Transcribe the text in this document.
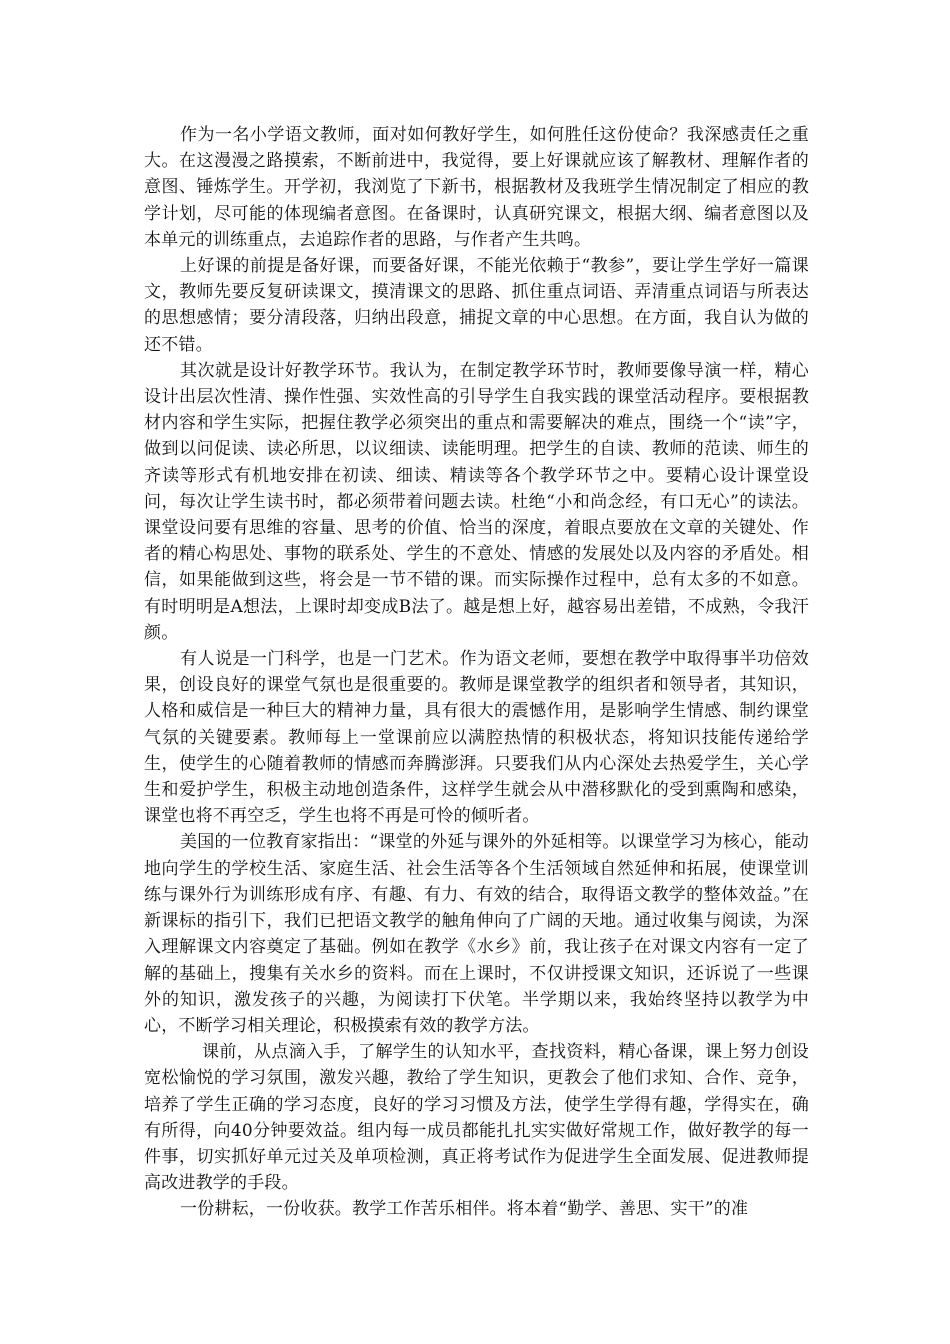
作为一名小学语文教师，面对如何教好学生，如何胜任这份使命？我深感责任之重大。在这漫漫之路摸索，不断前进中，我觉得，要上好课就应该了解教材、理解作者的意图、锤炼学生。开学初，我浏览了下新书，根据教材及我班学生情况制定了相应的教学计划，尽可能的体现编者意图。在备课时，认真研究课文，根据大纲、编者意图以及本单元的训练重点，去追踪作者的思路，与作者产生共鸣。

上好课的前提是备好课，而要备好课，不能光依赖于“教参”，要让学生学好一篇课文，教师先要反复研读课文，摸清课文的思路、抓住重点词语、弄清重点词语与所表达的思想感情；要分清段落，归纳出段意，捕捉文章的中心思想。在方面，我自认为做的还不错。

其次就是设计好教学环节。我认为，在制定教学环节时，教师要像导演一样，精心设计出层次性清、操作性强、实效性高的引导学生自我实践的课堂活动程序。要根据教材内容和学生实际，把握住教学必须突出的重点和需要解决的难点，围绕一个“读”字，做到以问促读、读必所思，以议细读、读能明理。把学生的自读、教师的范读、师生的齐读等形式有机地安排在初读、细读、精读等各个教学环节之中。要精心设计课堂设问，每次让学生读书时，都必须带着问题去读。杜绝“小和尚念经，有口无心”的读法。课堂设问要有思维的容量、思考的价值、恰当的深度，着眼点要放在文章的关键处、作者的精心构思处、事物的联系处、学生的不意处、情感的发展处以及内容的矛盾处。相信，如果能做到这些，将会是一节不错的课。而实际操作过程中，总有太多的不如意。有时明明是A想法，上课时却变成B法了。越是想上好，越容易出差错，不成熟，令我汗颜。

有人说是一门科学，也是一门艺术。作为语文老师，要想在教学中取得事半功倍效果，创设良好的课堂气氛也是很重要的。教师是课堂教学的组织者和领导者，其知识，人格和威信是一种巨大的精神力量，具有很大的震憾作用，是影响学生情感、制约课堂气氛的关键要素。教师每上一堂课前应以满腔热情的积极状态，将知识技能传递给学生，使学生的心随着教师的情感而奔腾澎湃。只要我们从内心深处去热爱学生，关心学生和爱护学生，积极主动地创造条件，这样学生就会从中潜移默化的受到熏陶和感染，课堂也将不再空乏，学生也将不再是可怜的倾听者。

美国的一位教育家指出：“课堂的外延与课外的外延相等。以课堂学习为核心，能动地向学生的学校生活、家庭生活、社会生活等各个生活领域自然延伸和拓展，使课堂训练与课外行为训练形成有序、有趣、有力、有效的结合，取得语文教学的整体效益。”在新课标的指引下，我们已把语文教学的触角伸向了广阔的天地。通过收集与阅读，为深入理解课文内容奠定了基础。例如在教学《水乡》前，我让孩子在对课文内容有一定了解的基础上，搜集有关水乡的资料。而在上课时，不仅讲授课文知识，还诉说了一些课外的知识，激发孩子的兴趣，为阅读打下伏笔。半学期以来，我始终坚持以教学为中心，不断学习相关理论，积极摸索有效的教学方法。

课前，从点滴入手，了解学生的认知水平，查找资料，精心备课，课上努力创设宽松愉悦的学习氛围，激发兴趣，教给了学生知识，更教会了他们求知、合作、竞争，培养了学生正确的学习态度，良好的学习习惯及方法，使学生学得有趣，学得实在，确有所得，向40分钟要效益。组内每一成员都能扎扎实实做好常规工作，做好教学的每一件事，切实抓好单元过关及单项检测，真正将考试作为促进学生全面发展、促进教师提高改进教学的手段。

一份耕耘，一份收获。教学工作苦乐相伴。将本着“勤学、善思、实干”的准
